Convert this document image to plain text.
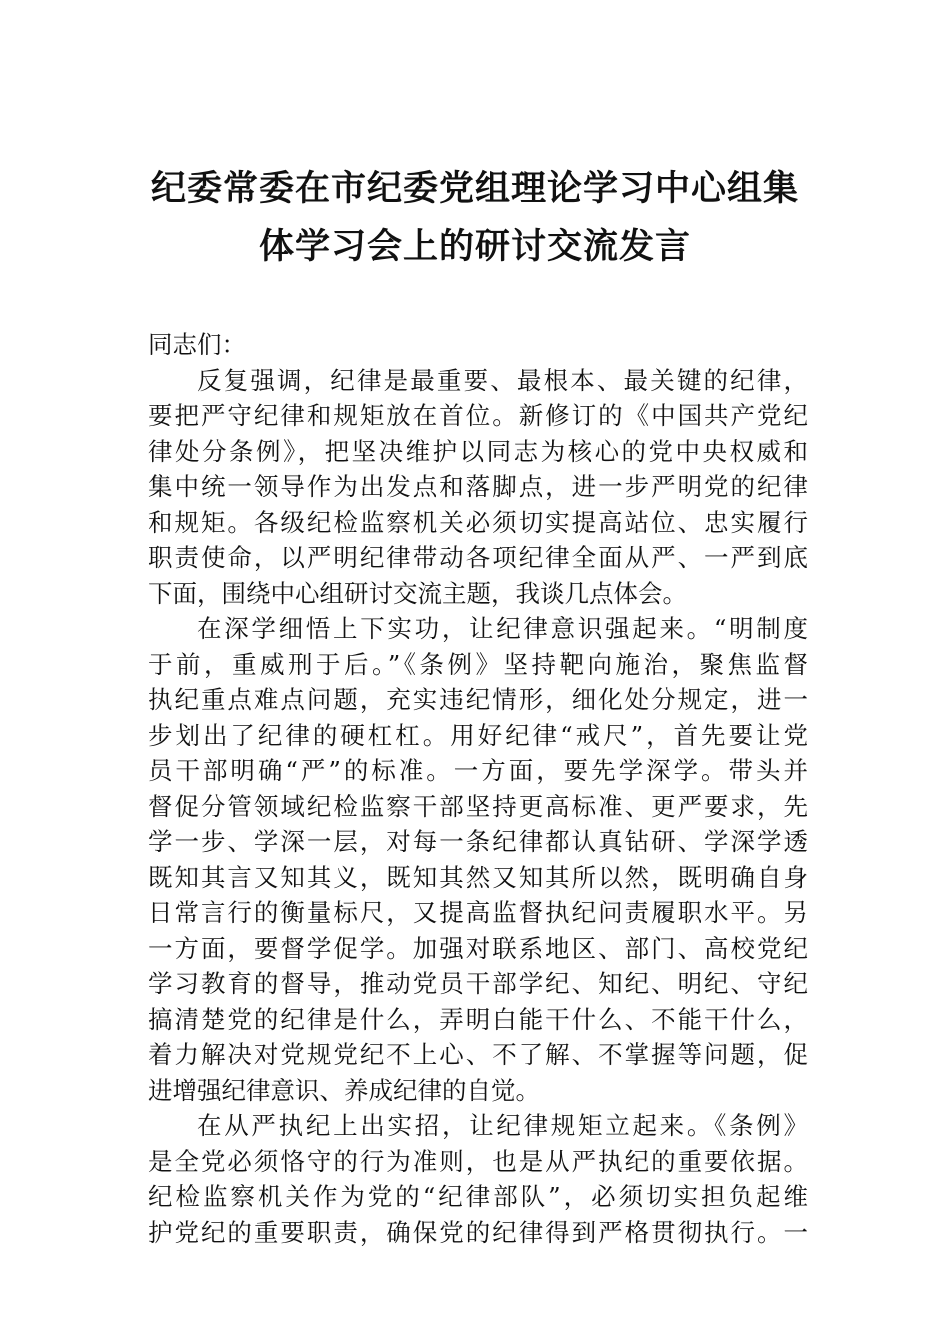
纪委常委在市纪委党组理论学习中心组集
体学习会上的研讨交流发言
同志们：
反复强调，纪律是最重要、最根本、最关键的纪律，
要把严守纪律和规矩放在首位。新修订的《中国共产党纪
律处分条例》，把坚决维护以同志为核心的党中央权威和
集中统一领导作为出发点和落脚点，进一步严明党的纪律
和规矩。各级纪检监察机关必须切实提高站位、忠实履行
职责使命，以严明纪律带动各项纪律全面从严、一严到底
下面，围绕中心组研讨交流主题，我谈几点体会。
在深学细悟上下实功，让纪律意识强起来。“明制度
于前，重威刑于后。”《条例》坚持靶向施治，聚焦监督
执纪重点难点问题，充实违纪情形，细化处分规定，进一
步划出了纪律的硬杠杠。用好纪律“戒尺”，首先要让党
员干部明确“严”的标准。一方面，要先学深学。带头并
督促分管领域纪检监察干部坚持更高标准、更严要求，先
学一步、学深一层，对每一条纪律都认真钻研、学深学透
既知其言又知其义，既知其然又知其所以然，既明确自身
日常言行的衡量标尺，又提高监督执纪问责履职水平。另
一方面，要督学促学。加强对联系地区、部门、高校党纪
学习教育的督导，推动党员干部学纪、知纪、明纪、守纪
搞清楚党的纪律是什么，弄明白能干什么、不能干什么，
着力解决对党规党纪不上心、不了解、不掌握等问题，促
进增强纪律意识、养成纪律的自觉。
在从严执纪上出实招，让纪律规矩立起来。《条例》
是全党必须恪守的行为准则，也是从严执纪的重要依据。
纪检监察机关作为党的“纪律部队”，必须切实担负起维
护党纪的重要职责，确保党的纪律得到严格贯彻执行。一
